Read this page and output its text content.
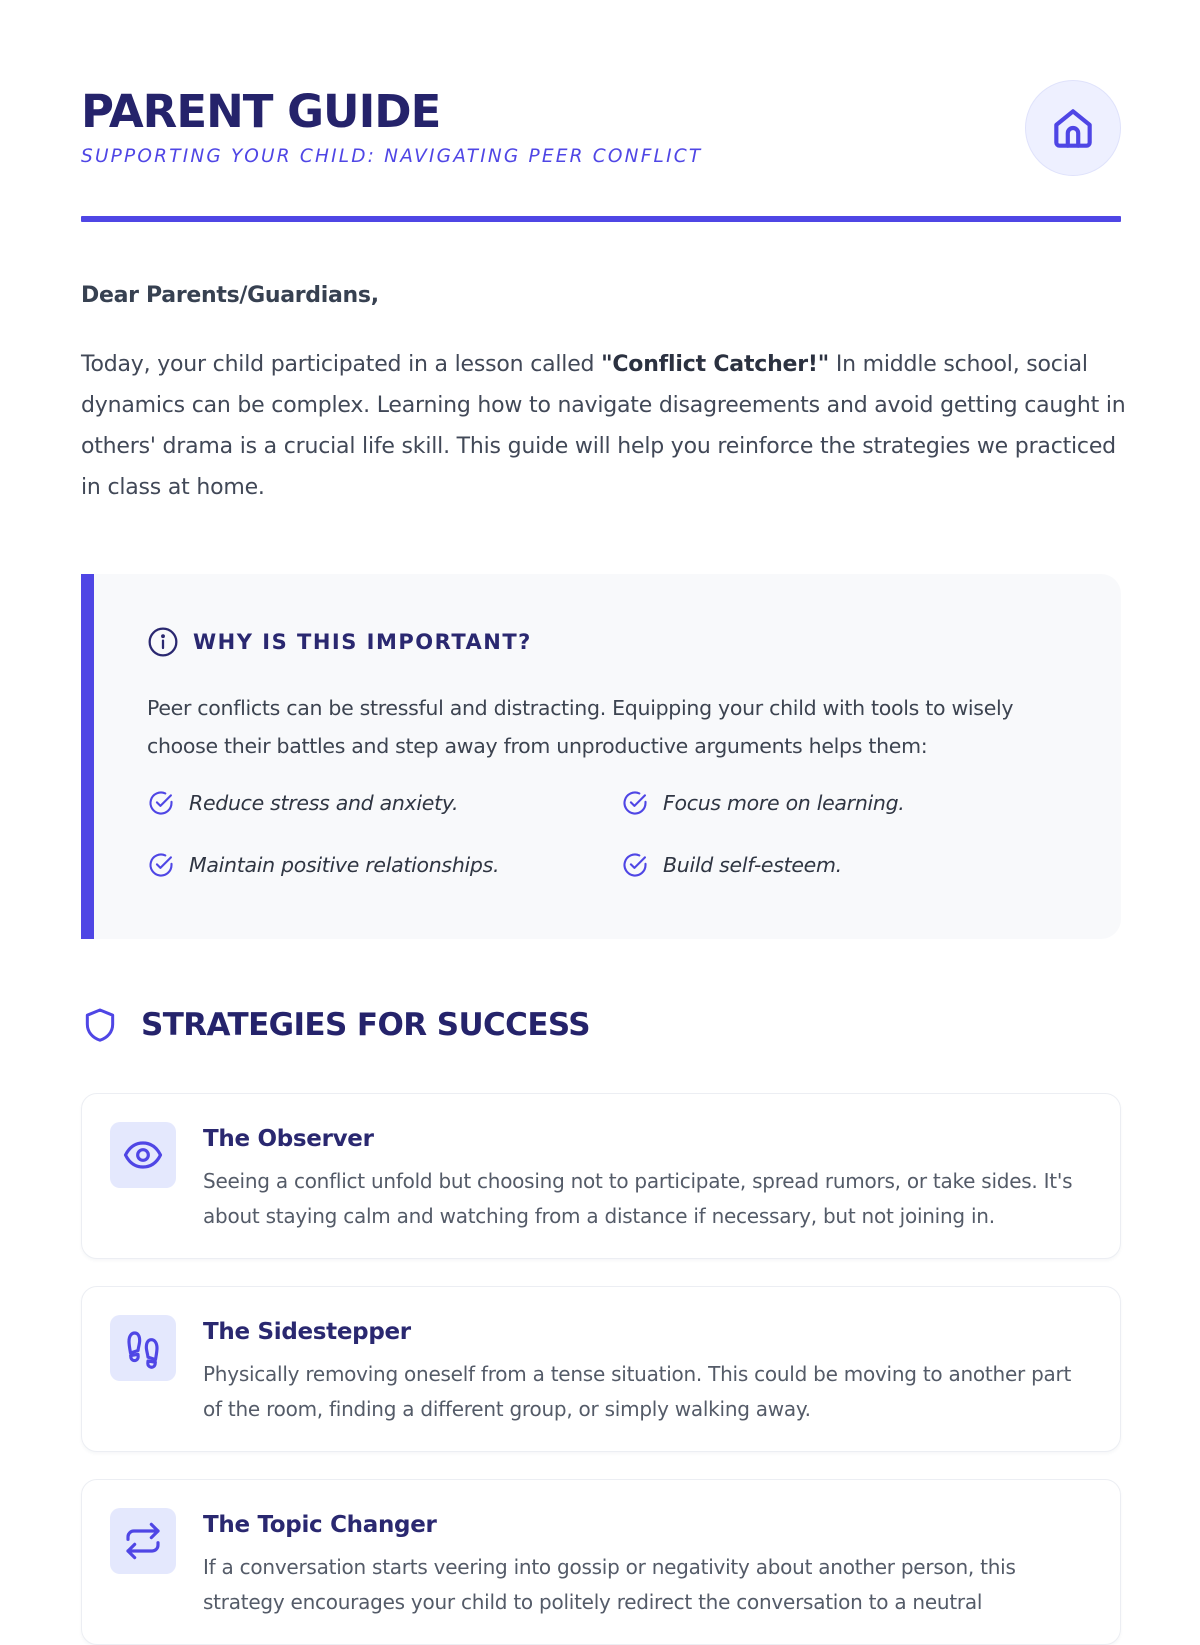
PARENT GUIDE
SUPPORTING YOUR CHILD: NAVIGATING PEER CONFLICT
Dear Parents/Guardians,

Today, your child participated in a lesson called "Conflict Catcher!" In middle school, social dynamics can be complex. Learning how to navigate disagreements and avoid getting caught in others' drama is a crucial life skill. This guide will help you reinforce the strategies we practiced in class at home.

WHY IS THIS IMPORTANT?

Peer conflicts can be stressful and distracting. Equipping your child with tools to wisely choose their battles and step away from unproductive arguments helps them:

Reduce stress and anxiety.	Focus more on learning.
Maintain positive relationships.	Build self-esteem.
STRATEGIES FOR SUCCESS
The Observer

Seeing a conflict unfold but choosing not to participate, spread rumors, or take sides. It's about staying calm and watching from a distance if necessary, but not joining in.

The Sidestepper

Physically removing oneself from a tense situation. This could be moving to another part of the room, finding a different group, or simply walking away.

The Topic Changer

If a conversation starts veering into gossip or negativity about another person, this strategy encourages your child to politely redirect the conversation to a neutral
